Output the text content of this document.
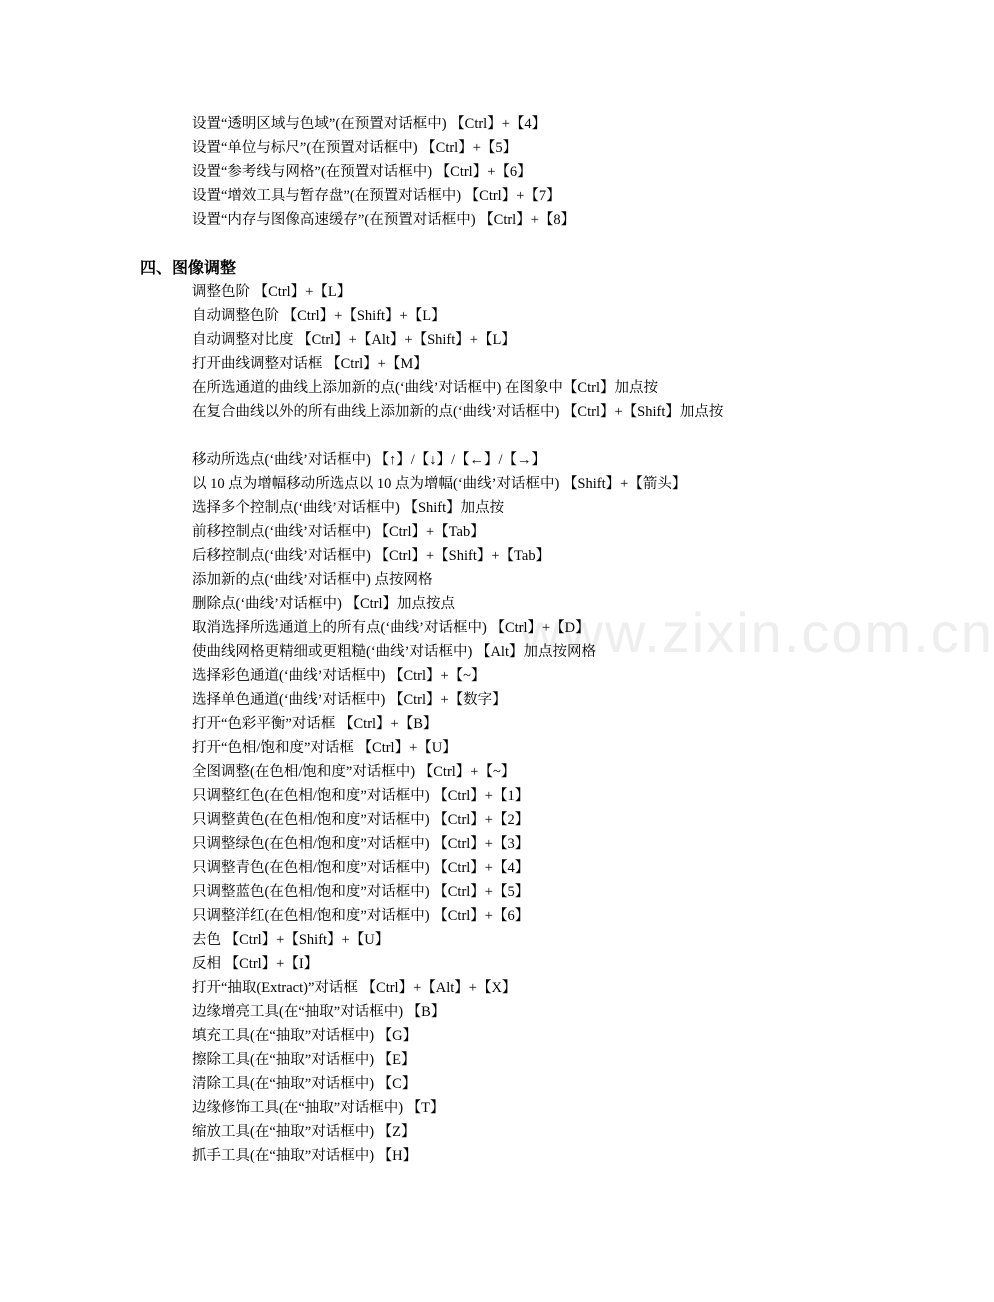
www.zixin.com.cn
设置“透明区域与色域”(在预置对话框中) 【Ctrl】+【4】
设置“单位与标尺”(在预置对话框中) 【Ctrl】+【5】
设置“参考线与网格”(在预置对话框中) 【Ctrl】+【6】
设置“增效工具与暂存盘”(在预置对话框中) 【Ctrl】+【7】
设置“内存与图像高速缓存”(在预置对话框中) 【Ctrl】+【8】
四、图像调整
调整色阶 【Ctrl】+【L】
自动调整色阶 【Ctrl】+【Shift】+【L】
自动调整对比度 【Ctrl】+【Alt】+【Shift】+【L】
打开曲线调整对话框 【Ctrl】+【M】
在所选通道的曲线上添加新的点(‘曲线’对话框中) 在图象中【Ctrl】加点按
在复合曲线以外的所有曲线上添加新的点(‘曲线’对话框中) 【Ctrl】+【Shift】加点按
移动所选点(‘曲线’对话框中) 【↑】/【↓】/【←】/【→】
以 10 点为增幅移动所选点以 10 点为增幅(‘曲线’对话框中) 【Shift】+【箭头】
选择多个控制点(‘曲线’对话框中) 【Shift】加点按
前移控制点(‘曲线’对话框中) 【Ctrl】+【Tab】
后移控制点(‘曲线’对话框中) 【Ctrl】+【Shift】+【Tab】
添加新的点(‘曲线’对话框中) 点按网格
删除点(‘曲线’对话框中) 【Ctrl】加点按点
取消选择所选通道上的所有点(‘曲线’对话框中) 【Ctrl】+【D】
使曲线网格更精细或更粗糙(‘曲线’对话框中) 【Alt】加点按网格
选择彩色通道(‘曲线’对话框中) 【Ctrl】+【~】
选择单色通道(‘曲线’对话框中) 【Ctrl】+【数字】
打开“色彩平衡”对话框 【Ctrl】+【B】
打开“色相/饱和度”对话框 【Ctrl】+【U】
全图调整(在色相/饱和度”对话框中) 【Ctrl】+【~】
只调整红色(在色相/饱和度”对话框中) 【Ctrl】+【1】
只调整黄色(在色相/饱和度”对话框中) 【Ctrl】+【2】
只调整绿色(在色相/饱和度”对话框中) 【Ctrl】+【3】
只调整青色(在色相/饱和度”对话框中) 【Ctrl】+【4】
只调整蓝色(在色相/饱和度”对话框中) 【Ctrl】+【5】
只调整洋红(在色相/饱和度”对话框中) 【Ctrl】+【6】
去色 【Ctrl】+【Shift】+【U】
反相 【Ctrl】+【I】
打开“抽取(Extract)”对话框 【Ctrl】+【Alt】+【X】
边缘增亮工具(在“抽取”对话框中) 【B】
填充工具(在“抽取”对话框中) 【G】
擦除工具(在“抽取”对话框中) 【E】
清除工具(在“抽取”对话框中) 【C】
边缘修饰工具(在“抽取”对话框中) 【T】
缩放工具(在“抽取”对话框中) 【Z】
抓手工具(在“抽取”对话框中) 【H】
